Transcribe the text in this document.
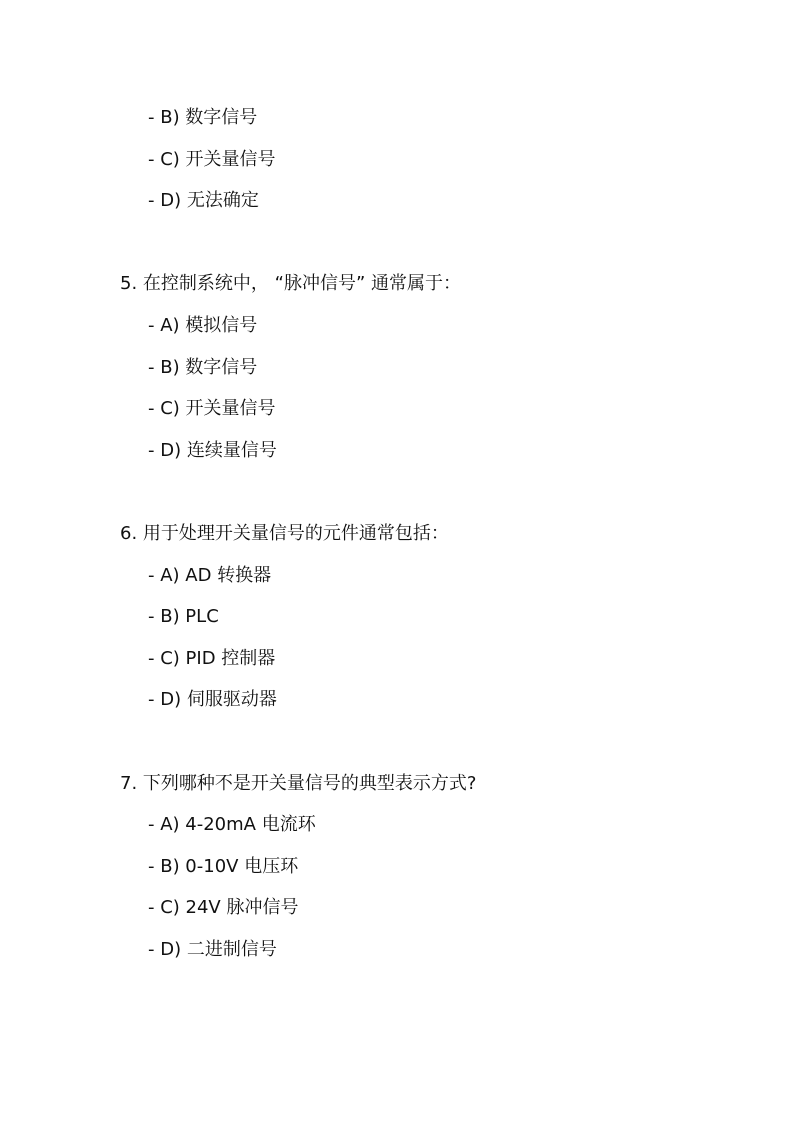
- B) 数字信号
- C) 开关量信号
- D) 无法确定
5. 在控制系统中， “脉冲信号” 通常属于：
- A) 模拟信号
- B) 数字信号
- C) 开关量信号
- D) 连续量信号
6. 用于处理开关量信号的元件通常包括：
- A) AD 转换器
- B) PLC
- C) PID 控制器
- D) 伺服驱动器
7. 下列哪种不是开关量信号的典型表示方式?
- A) 4-20mA 电流环
- B) 0-10V 电压环
- C) 24V 脉冲信号
- D) 二进制信号
